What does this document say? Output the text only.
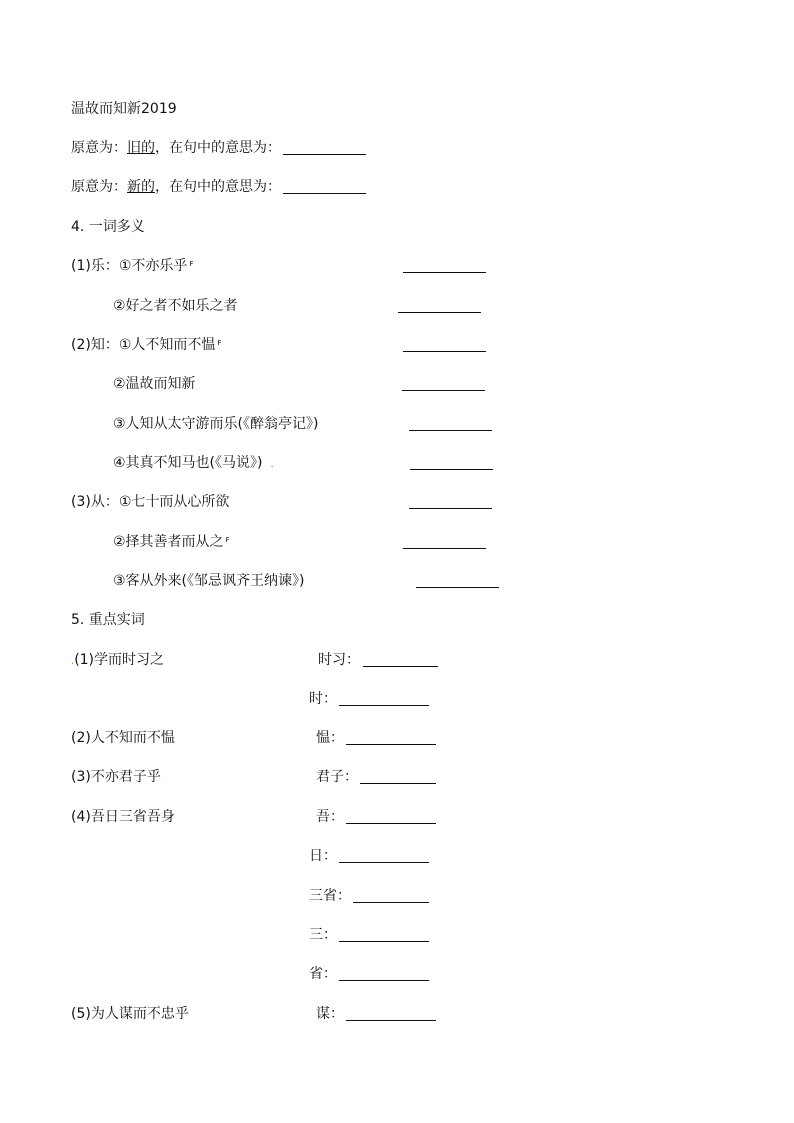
温故而知新2019
原意为：旧的，在句中的意思为：
原意为：新的，在句中的意思为：
4. 一词多义
(1)乐：①不亦乐乎 $^F$
②好之者不如乐之者
(2)知：①人不知而不愠 $^F$
②温故而知新
③人知从太守游而乐(《醉翁亭记》)
④其真不知马也(《马说》) .
(3)从：①七十而从心所欲
②择其善者而从之 $^F$
③客从外来(《邹忌讽齐王纳谏》)
5. 重点实词
.(1)学而时习之	时习：
时：
(2)人不知而不愠	愠：
(3)不亦君子乎	君子：
(4)吾日三省吾身	吾：
日：
三省：
三：
省：
(5)为人谋而不忠乎	谋：
